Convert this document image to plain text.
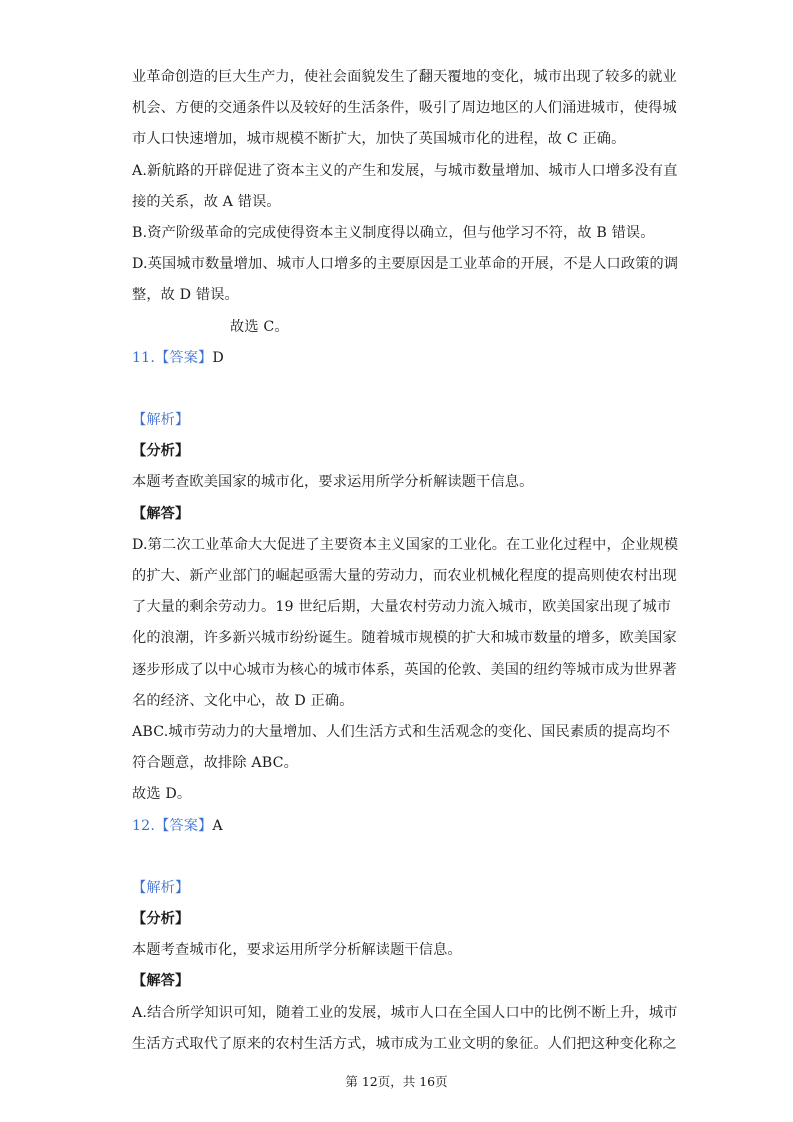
业革命创造的巨大生产力，使社会面貌发生了翻天覆地的变化，城市出现了较多的就业
机会、方便的交通条件以及较好的生活条件，吸引了周边地区的人们涌进城市，使得城
市人口快速增加，城市规模不断扩大，加快了英国城市化的进程，故 C 正确。
A.新航路的开辟促进了资本主义的产生和发展，与城市数量增加、城市人口增多没有直
接的关系，故 A 错误。
B.资产阶级革命的完成使得资本主义制度得以确立，但与他学习不符，故 B 错误。
D.英国城市数量增加、城市人口增多的主要原因是工业革命的开展，不是人口政策的调
整，故 D 错误。
故选 C。
11.【答案】D
【解析】
【分析】
本题考查欧美国家的城市化，要求运用所学分析解读题干信息。
【解答】
D.第二次工业革命大大促进了主要资本主义国家的工业化。在工业化过程中，企业规模
的扩大、新产业部门的崛起亟需大量的劳动力，而农业机械化程度的提高则使农村出现
了大量的剩余劳动力。19 世纪后期，大量农村劳动力流入城市，欧美国家出现了城市
化的浪潮，许多新兴城市纷纷诞生。随着城市规模的扩大和城市数量的增多，欧美国家
逐步形成了以中心城市为核心的城市体系，英国的伦敦、美国的纽约等城市成为世界著
名的经济、文化中心，故 D 正确。
ABC.城市劳动力的大量增加、人们生活方式和生活观念的变化、国民素质的提高均不
符合题意，故排除 ABC。
故选 D。
12.【答案】A
【解析】
【分析】
本题考查城市化，要求运用所学分析解读题干信息。
【解答】
A.结合所学知识可知，随着工业的发展，城市人口在全国人口中的比例不断上升，城市
生活方式取代了原来的农村生活方式，城市成为工业文明的象征。人们把这种变化称之
第 12页，共 16页
